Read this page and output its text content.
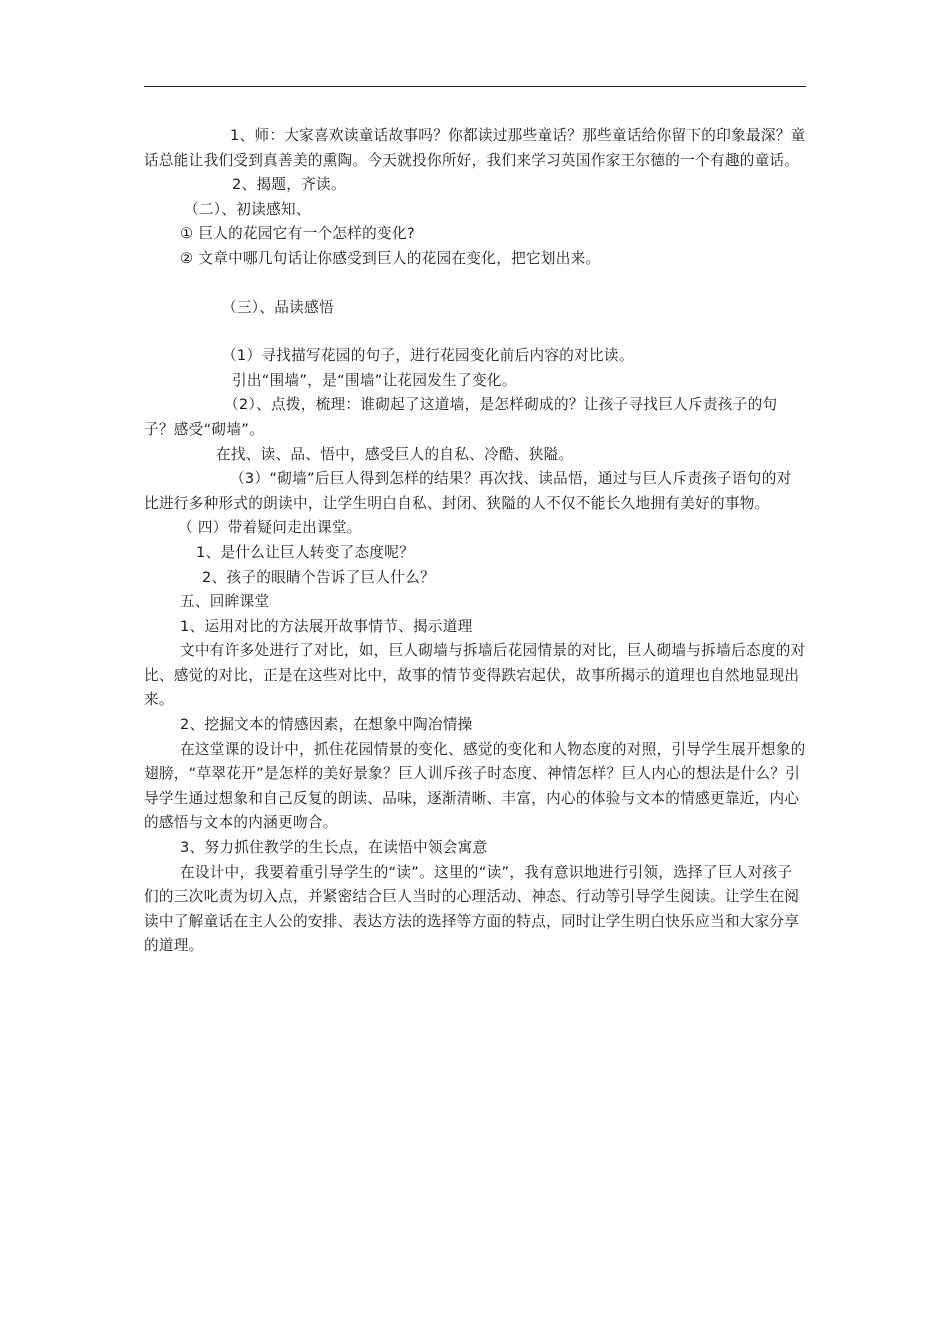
1、师：大家喜欢读童话故事吗？你都读过那些童话？那些童话给你留下的印象最深？童话总能让我们受到真善美的熏陶。今天就投你所好，我们来学习英国作家王尔德的一个有趣的童话。

2、揭题，齐读。

（二）、初读感知、

① 巨人的花园它有一个怎样的变化?

② 文章中哪几句话让你感受到巨人的花园在变化，把它划出来。

（三）、品读感悟

（1）寻找描写花园的句子，进行花园变化前后内容的对比读。

引出“围墙”，是“围墙”让花园发生了变化。

（2）、点拨，梳理：谁砌起了这道墙，是怎样砌成的？让孩子寻找巨人斥责孩子的句子？感受“砌墙”。

在找、读、品、悟中，感受巨人的自私、冷酷、狭隘。

（3）“砌墙”后巨人得到怎样的结果？再次找、读品悟，通过与巨人斥责孩子语句的对比进行多种形式的朗读中，让学生明白自私、封闭、狭隘的人不仅不能长久地拥有美好的事物。

（ 四）带着疑问走出课堂。

1、是什么让巨人转变了态度呢？

2、孩子的眼睛个告诉了巨人什么？

五、回眸课堂

1、运用对比的方法展开故事情节、揭示道理

文中有许多处进行了对比，如，巨人砌墙与拆墙后花园情景的对比，巨人砌墙与拆墙后态度的对比、感觉的对比，正是在这些对比中，故事的情节变得跌宕起伏，故事所揭示的道理也自然地显现出来。

2、挖掘文本的情感因素，在想象中陶冶情操

在这堂课的设计中，抓住花园情景的变化、感觉的变化和人物态度的对照，引导学生展开想象的翅膀，“草翠花开”是怎样的美好景象？巨人训斥孩子时态度、神情怎样？巨人内心的想法是什么？引导学生通过想象和自己反复的朗读、品味，逐渐清晰、丰富，内心的体验与文本的情感更靠近，内心的感悟与文本的内涵更吻合。

3、努力抓住教学的生长点，在读悟中领会寓意

在设计中，我要着重引导学生的“读”。这里的“读”，我有意识地进行引领，选择了巨人对孩子们的三次叱责为切入点，并紧密结合巨人当时的心理活动、神态、行动等引导学生阅读。让学生在阅读中了解童话在主人公的安排、表达方法的选择等方面的特点，同时让学生明白快乐应当和大家分享的道理。
